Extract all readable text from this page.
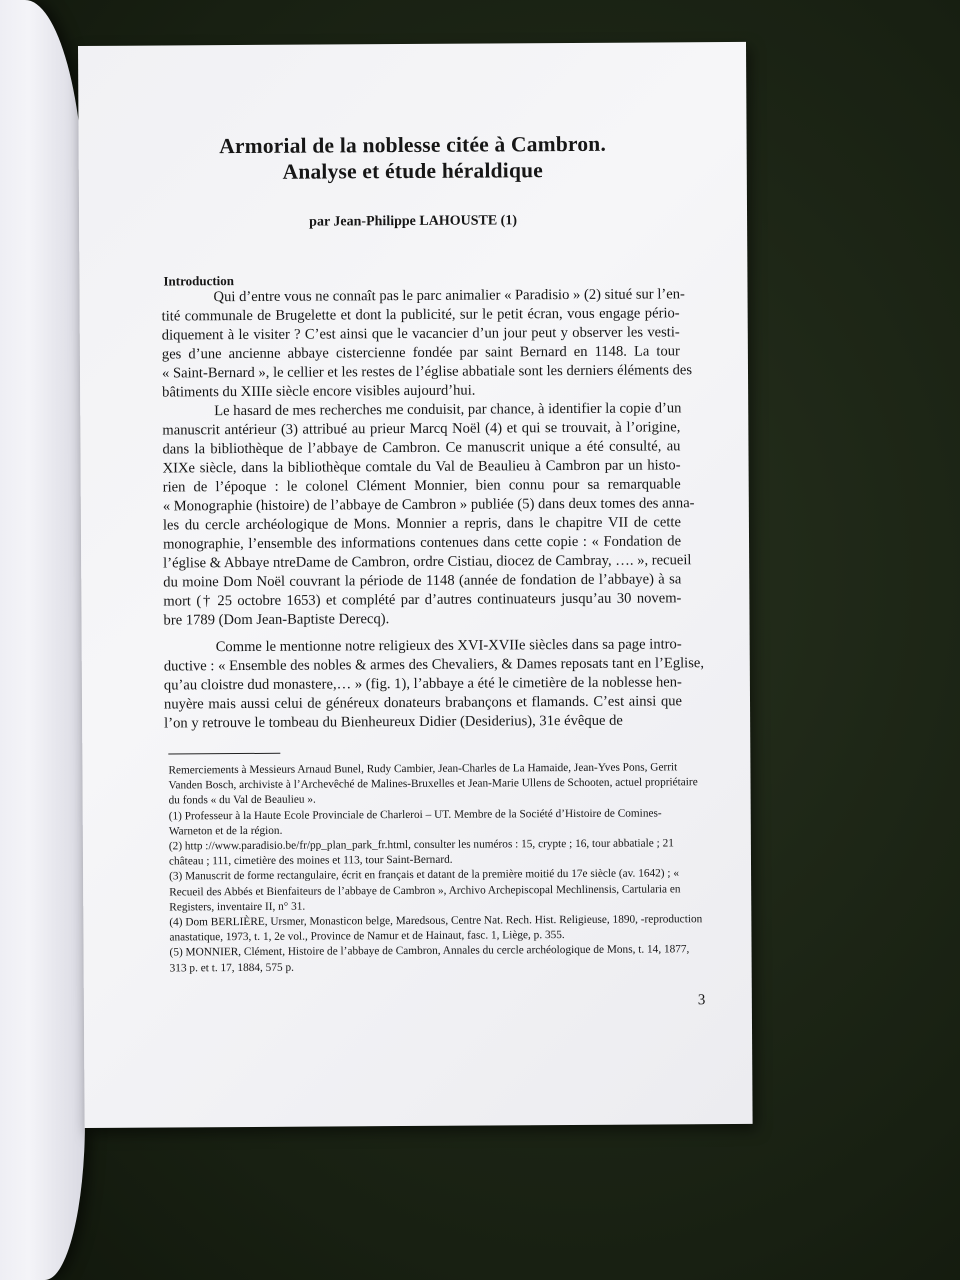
Armorial de la noblesse citée à Cambron.
Analyse et étude héraldique
par Jean-Philippe LAHOUSTE (1)
Introduction

Qui d’entre vous ne connaît pas le parc animalier « Paradisio » (2) situé sur l’en-
tité communale de Brugelette et dont la publicité, sur le petit écran, vous engage pério-
diquement à le visiter ? C’est ainsi que le vacancier d’un jour peut y observer les vesti-
ges d’une ancienne abbaye cistercienne fondée par saint Bernard en 1148. La tour
« Saint-Bernard », le cellier et les restes de l’église abbatiale sont les derniers éléments des
bâtiments du XIIIe siècle encore visibles aujourd’hui.

Le hasard de mes recherches me conduisit, par chance, à identifier la copie d’un
manuscrit antérieur (3) attribué au prieur Marcq Noël (4) et qui se trouvait, à l’origine,
dans la bibliothèque de l’abbaye de Cambron. Ce manuscrit unique a été consulté, au
XIXe siècle, dans la bibliothèque comtale du Val de Beaulieu à Cambron par un histo-
rien de l’époque : le colonel Clément Monnier, bien connu pour sa remarquable
« Monographie (histoire) de l’abbaye de Cambron » publiée (5) dans deux tomes des anna-
les du cercle archéologique de Mons. Monnier a repris, dans le chapitre VII de cette
monographie, l’ensemble des informations contenues dans cette copie : « Fondation de
l’église & Abbaye ntreDame de Cambron, ordre Cistiau, diocez de Cambray, …. », recueil
du moine Dom Noël couvrant la période de 1148 (année de fondation de l’abbaye) à sa
mort († 25 octobre 1653) et complété par d’autres continuateurs jusqu’au 30 novem-
bre 1789 (Dom Jean-Baptiste Derecq).

Comme le mentionne notre religieux des XVI-XVIIe siècles dans sa page intro-
ductive : « Ensemble des nobles & armes des Chevaliers, & Dames reposats tant en l’Eglise,
qu’au cloistre dud monastere,… » (fig. 1), l’abbaye a été le cimetière de la noblesse hen-
nuyère mais aussi celui de généreux donateurs brabançons et flamands. C’est ainsi que
l’on y retrouve le tombeau du Bienheureux Didier (Desiderius), 31e évêque de

Remerciements à Messieurs Arnaud Bunel, Rudy Cambier, Jean-Charles de La Hamaide, Jean-Yves Pons, Gerrit Vanden Bosch, archiviste à l’Archevêché de Malines-Bruxelles et Jean-Marie Ullens de Schooten, actuel propriétaire du fonds « du Val de Beaulieu ».

(1) Professeur à la Haute Ecole Provinciale de Charleroi – UT. Membre de la Société d’Histoire de Comines-Warneton et de la région.

(2) http ://www.paradisio.be/fr/pp_plan_park_fr.html, consulter les numéros : 15, crypte ; 16, tour abbatiale ; 21 château ; 111, cimetière des moines et 113, tour Saint-Bernard.

(3) Manuscrit de forme rectangulaire, écrit en français et datant de la première moitié du 17e siècle (av. 1642) ; « Recueil des Abbés et Bienfaiteurs de l’abbaye de Cambron », Archivo Archepiscopal Mechlinensis, Cartularia en Registers, inventaire II, n° 31.

(4) Dom BERLIÈRE, Ursmer, Monasticon belge, Maredsous, Centre Nat. Rech. Hist. Religieuse, 1890, -reproduction anastatique, 1973, t. 1, 2e vol., Province de Namur et de Hainaut, fasc. 1, Liège, p. 355.

(5) MONNIER, Clément, Histoire de l’abbaye de Cambron, Annales du cercle archéologique de Mons, t. 14, 1877, 313 p. et t. 17, 1884, 575 p.

3
